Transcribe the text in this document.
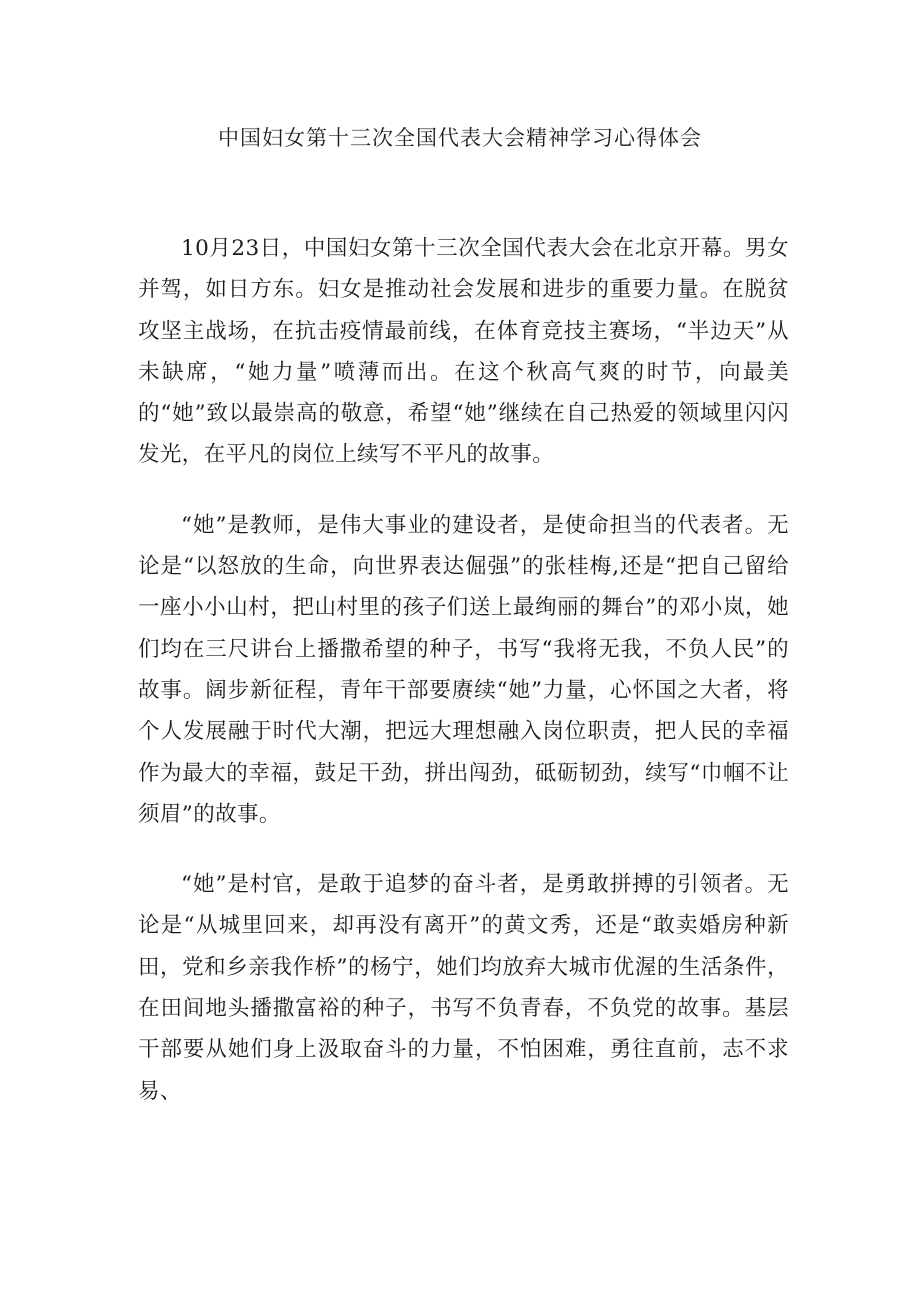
中国妇女第十三次全国代表大会精神学习心得体会

10月23日，中国妇女第十三次全国代表大会在北京开幕。男女并驾，如日方东。妇女是推动社会发展和进步的重要力量。在脱贫攻坚主战场，在抗击疫情最前线，在体育竞技主赛场，“半边天”从未缺席，“她力量”喷薄而出。在这个秋高气爽的时节，向最美的“她”致以最崇高的敬意，希望“她”继续在自己热爱的领域里闪闪发光，在平凡的岗位上续写不平凡的故事。

“她”是教师，是伟大事业的建设者，是使命担当的代表者。无论是“以怒放的生命，向世界表达倔强”的张桂梅,还是“把自己留给一座小小山村，把山村里的孩子们送上最绚丽的舞台”的邓小岚，她们均在三尺讲台上播撒希望的种子，书写“我将无我，不负人民”的故事。阔步新征程，青年干部要赓续“她”力量，心怀国之大者，将个人发展融于时代大潮，把远大理想融入岗位职责，把人民的幸福作为最大的幸福，鼓足干劲，拼出闯劲，砥砺韧劲，续写“巾帼不让须眉”的故事。

“她”是村官，是敢于追梦的奋斗者，是勇敢拼搏的引领者。无论是“从城里回来，却再没有离开”的黄文秀，还是“敢卖婚房种新田，党和乡亲我作桥”的杨宁，她们均放弃大城市优渥的生活条件，在田间地头播撒富裕的种子，书写不负青春，不负党的故事。基层干部要从她们身上汲取奋斗的力量，不怕困难，勇往直前，志不求易、
